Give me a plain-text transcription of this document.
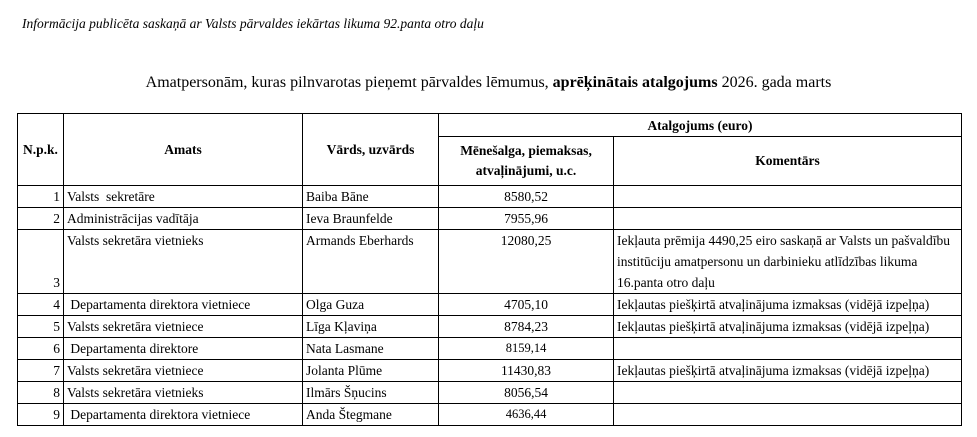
Informācija publicēta saskaņā ar Valsts pārvaldes iekārtas likuma 92.panta otro daļu
Amatpersonām, kuras pilnvarotas pieņemt pārvaldes lēmumus, aprēķinātais atalgojums 2026. gada marts
N.p.k.	Amats	Vārds, uzvārds	Atalgojums (euro)	
			Mēnešalga, piemaksas, atvaļinājumi, u.c.	Komentārs
1	Valsts  sekretāre	Baiba Bāne	8580,52	
2	Administrācijas vadītāja	Ieva Braunfelde	7955,96	
3	Valsts sekretāra vietnieks	Armands Eberhards	12080,25	Iekļauta prēmija 4490,25 eiro saskaņā ar Valsts un pašvaldību institūciju amatpersonu un darbinieku atlīdzības likuma 16.panta otro daļu
4	Departamenta direktora vietniece	Olga Guza	4705,10	Iekļautas piešķirtā atvaļinājuma izmaksas (vidējā izpeļņa)
5	Valsts sekretāra vietniece	Līga Kļaviņa	8784,23	Iekļautas piešķirtā atvaļinājuma izmaksas (vidējā izpeļņa)
6	Departamenta direktore	Nata Lasmane	8159,14	
7	Valsts sekretāra vietniece	Jolanta Plūme	11430,83	Iekļautas piešķirtā atvaļinājuma izmaksas (vidējā izpeļņa)
8	Valsts sekretāra vietnieks	Ilmārs Šņucins	8056,54	
9	Departamenta direktora vietniece	Anda Štegmane	4636,44	
